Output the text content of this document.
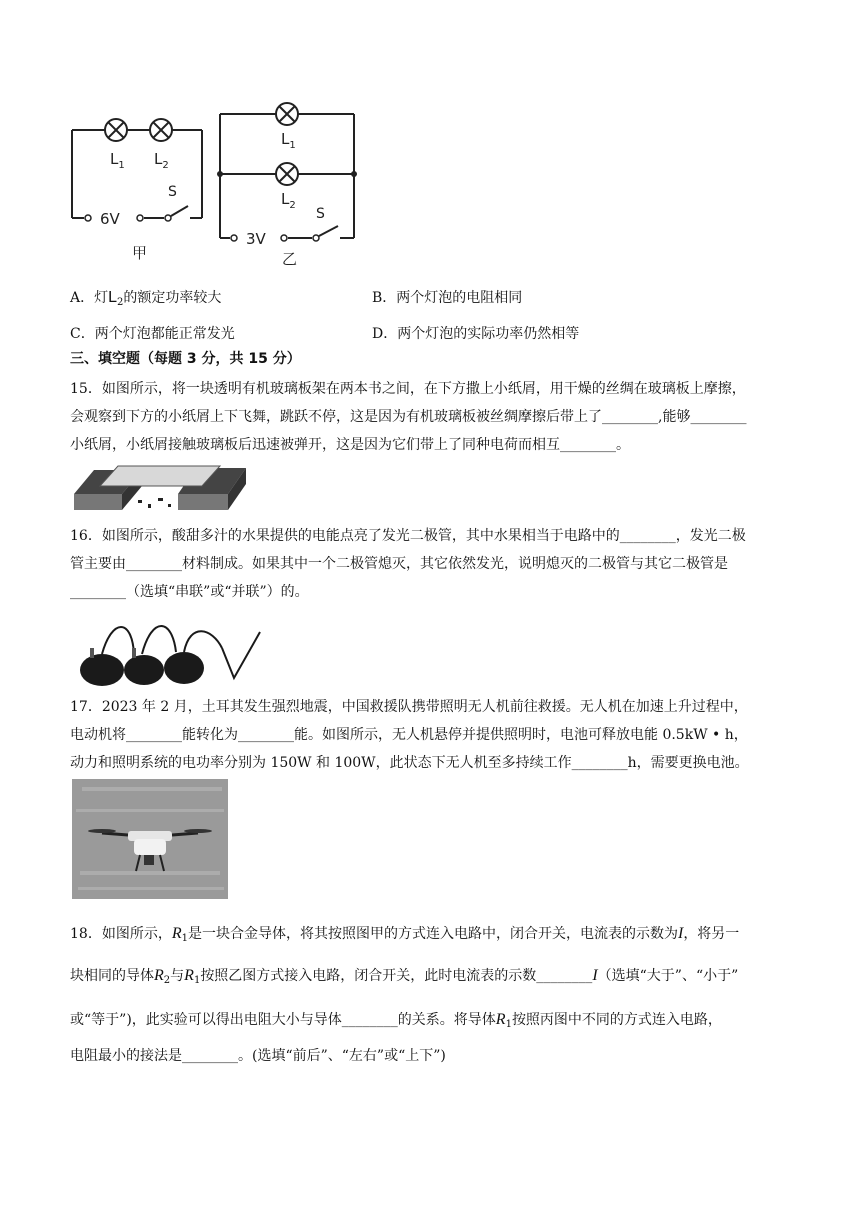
$L_1$ $L_2$
S
6V
甲
$L_1$
$L_2$
S
3V
乙
A．灯$L_2$的额定功率较大	B．两个灯泡的电阻相同
C．两个灯泡都能正常发光	D．两个灯泡的实际功率仍然相等
三、填空题（每题 3 分，共 15 分）
15．如图所示，将一块透明有机玻璃板架在两本书之间，在下方撒上小纸屑，用干燥的丝绸在玻璃板上摩擦，
会观察到下方的小纸屑上下飞舞，跳跃不停，这是因为有机玻璃板被丝绸摩擦后带上了________,能够________
小纸屑，小纸屑接触玻璃板后迅速被弹开，这是因为它们带上了同种电荷而相互________。
16．如图所示，酸甜多汁的水果提供的电能点亮了发光二极管，其中水果相当于电路中的________，发光二极
管主要由________材料制成。如果其中一个二极管熄灭，其它依然发光，说明熄灭的二极管与其它二极管是
________（选填“串联”或“并联”）的。
17．2023 年 2 月，土耳其发生强烈地震，中国救援队携带照明无人机前往救援。无人机在加速上升过程中，
电动机将________能转化为________能。如图所示，无人机悬停并提供照明时，电池可释放电能 0.5kW • h，
动力和照明系统的电功率分别为 150W 和 100W，此状态下无人机至多持续工作________h，需要更换电池。
18．如图所示，$R_1$是一块合金导体，将其按照图甲的方式连入电路中，闭合开关，电流表的示数为I，将另一
块相同的导体$R_2$与$R_1$按照乙图方式接入电路，闭合开关，此时电流表的示数________I（选填“大于”、“小于”
或“等于”)，此实验可以得出电阻大小与导体________的关系。将导体$R_1$按照丙图中不同的方式连入电路，
电阻最小的接法是________。(选填“前后”、“左右”或“上下”)
